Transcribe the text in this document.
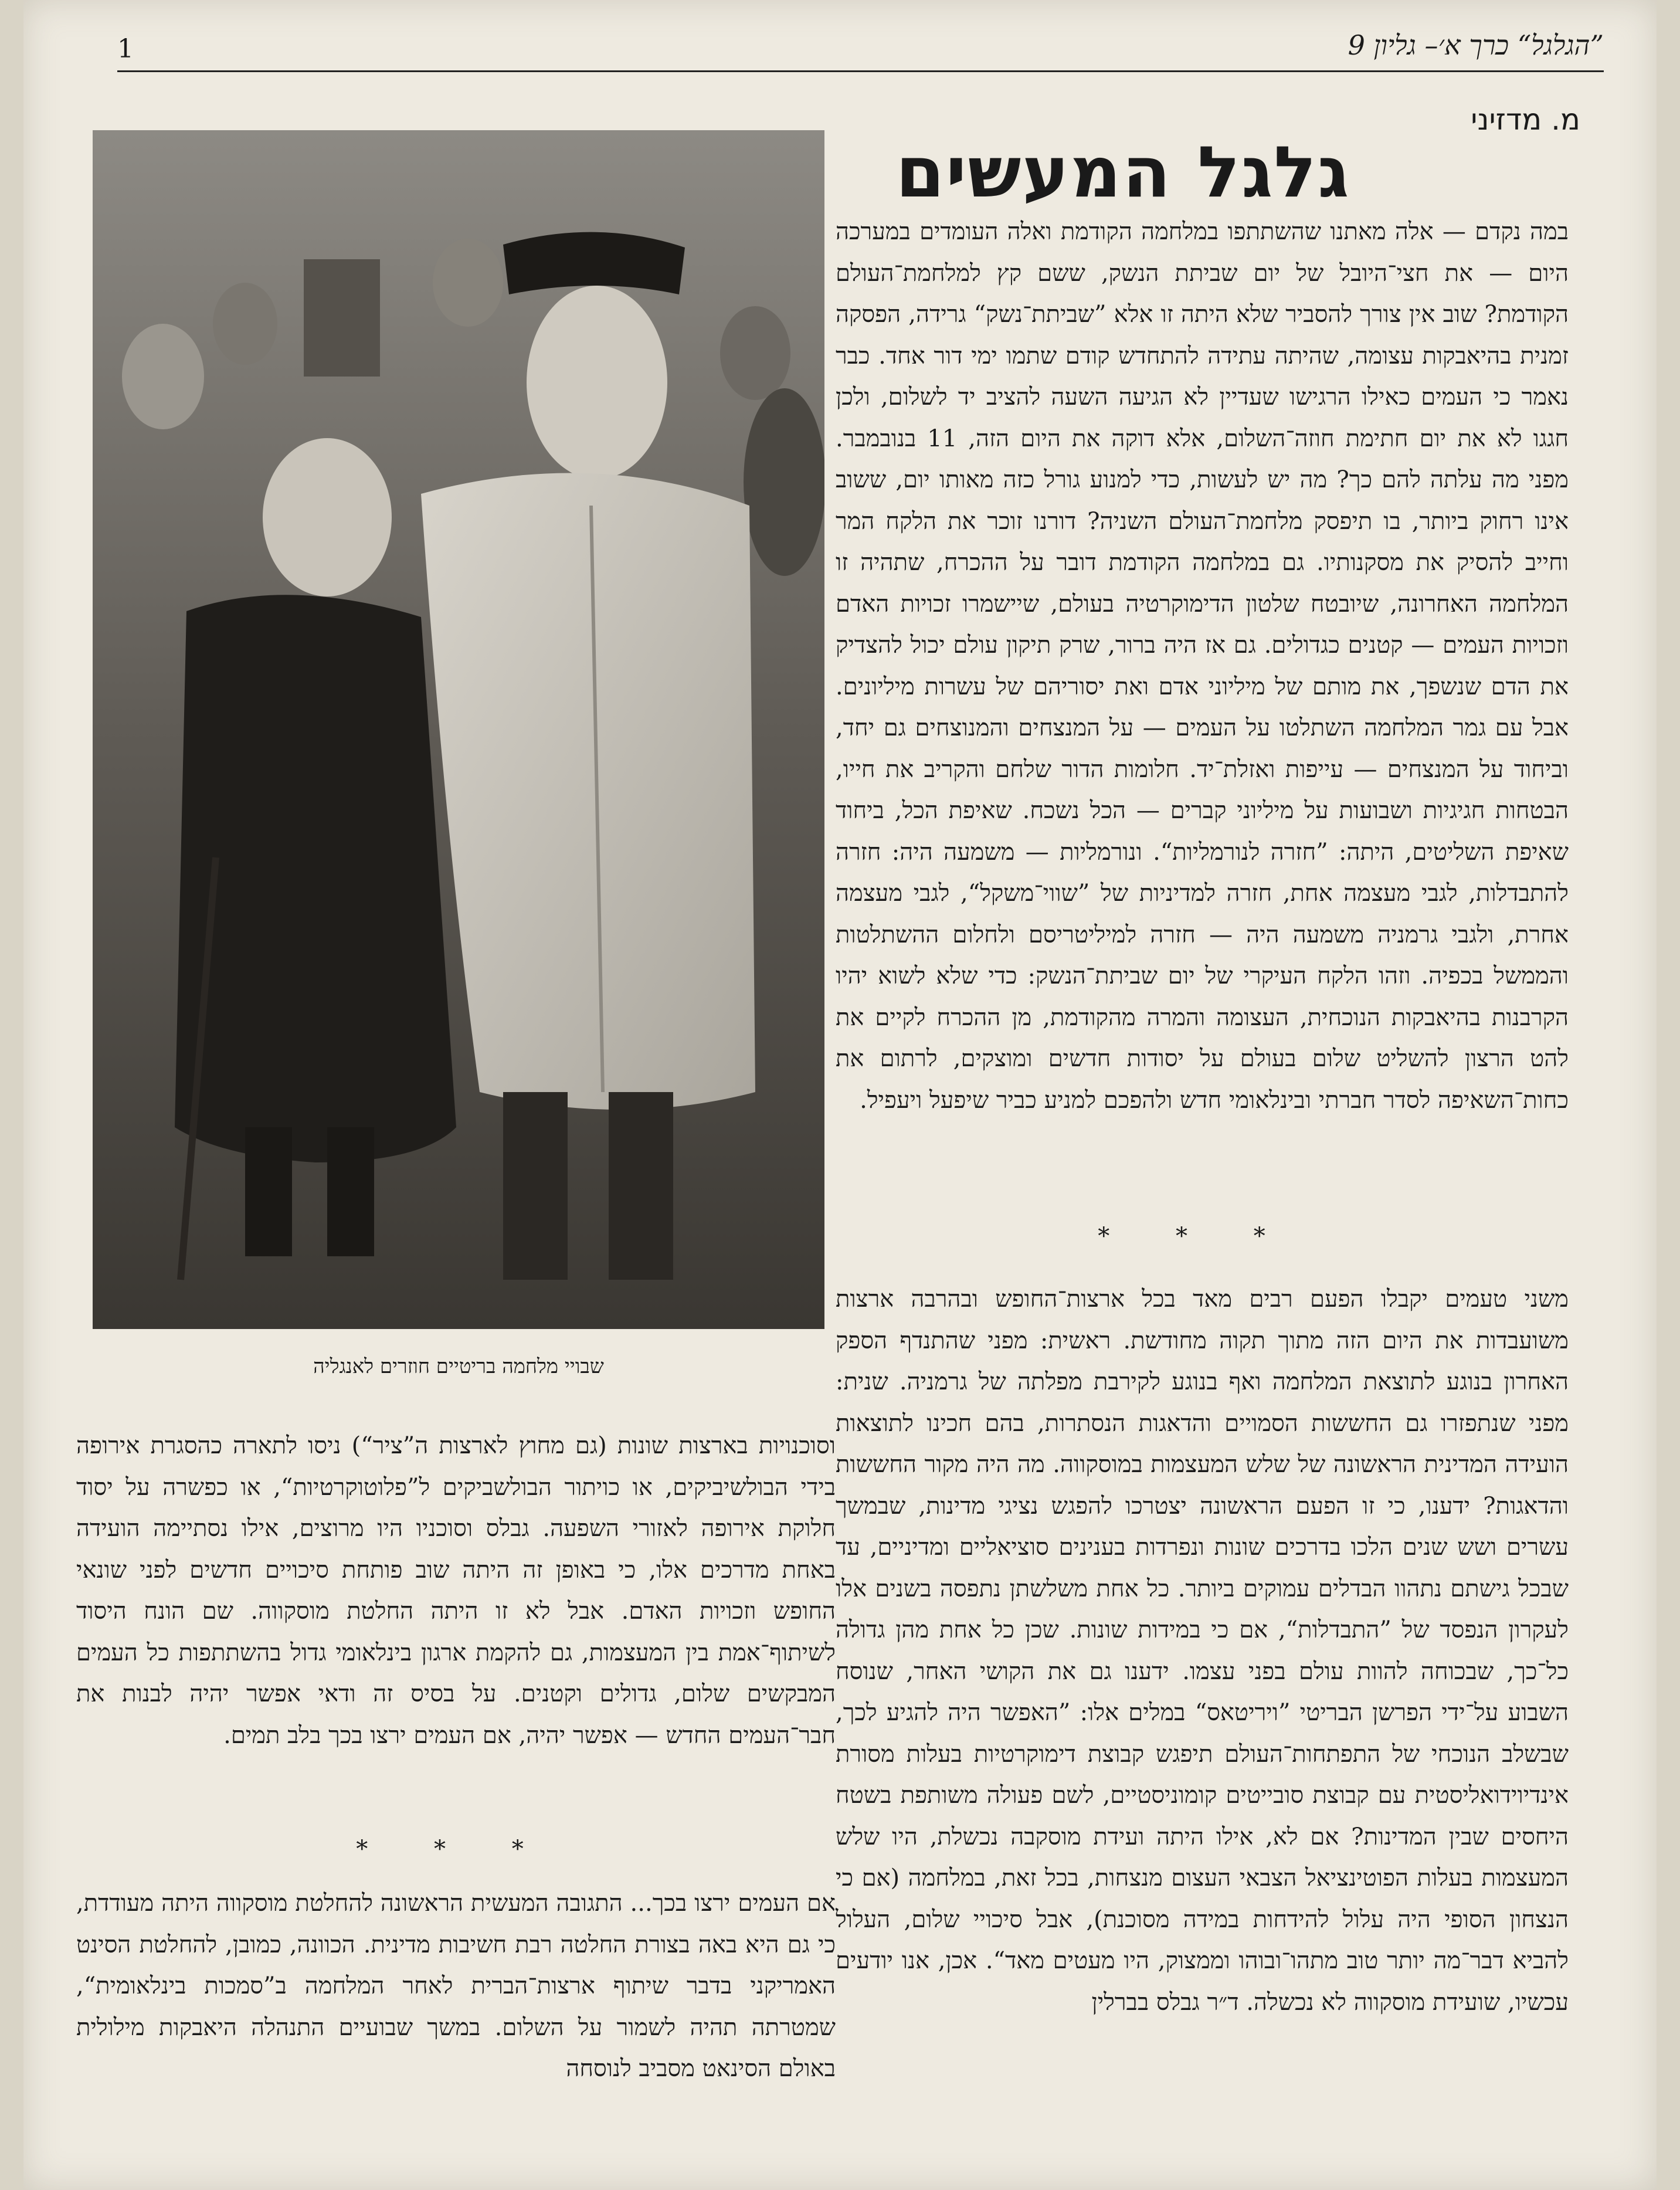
”הגלגל“ כרך א׳– גליון 9
1
מ. מדזיני
גלגל המעשים
שבויי מלחמה בריטיים חוזרים לאנגליה

במה נקדם — אלה מאתנו שהשתתפו במלחמה הקודמת ואלה העומדים במערכה היום — את חצי־היובל של יום שביתת הנשק, ששם קץ למלחמת־העולם הקודמת? שוב אין צורך להסביר שלא היתה זו אלא ”שביתת־נשק“ גרידה, הפסקה זמנית בהיאבקות עצומה, שהיתה עתידה להתחדש קודם שתמו ימי דור אחד. כבר נאמר כי העמים כאילו הרגישו שעדיין לא הגיעה השעה להציב יד לשלום, ולכן חגגו לא את יום חתימת חוזה־השלום, אלא דוקה את היום הזה, 11 בנובמבר. מפני מה עלתה להם כך? מה יש לעשות, כדי למנוע גורל כזה מאותו יום, ששוב אינו רחוק ביותר, בו תיפסק מלחמת־העולם השניה? דורנו זוכר את הלקח המר וחייב להסיק את מסקנותיו. גם במלחמה הקודמת דובר על ההכרח, שתהיה זו המלחמה האחרונה, שיובטח שלטון הדימוקרטיה בעולם, שיישמרו זכויות האדם וזכויות העמים — קטנים כגדולים. גם אז היה ברור, שרק תיקון עולם יכול להצדיק את הדם שנשפך, את מותם של מיליוני אדם ואת יסוריהם של עשרות מיליונים. אבל עם גמר המלחמה השתלטו על העמים — על המנצחים והמנוצחים גם יחד, וביחוד על המנצחים — עייפות ואזלת־יד. חלומות הדור שלחם והקריב את חייו, הבטחות חגיגיות ושבועות על מיליוני קברים — הכל נשכח. שאיפת הכל, ביחוד שאיפת השליטים, היתה: ”חזרה לנורמליות“. ונורמליות — משמעה היה: חזרה להתבדלות, לגבי מעצמה אחת, חזרה למדיניות של ”שווי־משקל“, לגבי מעצמה אחרת, ולגבי גרמניה משמעה היה — חזרה למיליטריסם ולחלום ההשתלטות והממשל בכפיה. וזהו הלקח העיקרי של יום שביתת־הנשק: כדי שלא לשוא יהיו הקרבנות בהיאבקות הנוכחית, העצומה והמרה מהקודמת, מן ההכרח לקיים את להט הרצון להשליט שלום בעולם על יסודות חדשים ומוצקים, לרתום את כחות־השאיפה לסדר חברתי ובינלאומי חדש ולהפכם למניע כביר שיפעל ויעפיל.

* * *

משני טעמים יקבלו הפעם רבים מאד בכל ארצות־החופש ובהרבה ארצות משועבדות את היום הזה מתוך תקוה מחודשת. ראשית: מפני שהתנדף הספק האחרון בנוגע לתוצאת המלחמה ואף בנוגע לקירבת מפלתה של גרמניה. שנית: מפני שנתפזרו גם החששות הסמויים והדאגות הנסתרות, בהם חכינו לתוצאות הועידה המדינית הראשונה של שלש המעצמות במוסקווה. מה היה מקור החששות והדאגות? ידענו, כי זו הפעם הראשונה יצטרכו להפגש נציגי מדינות, שבמשך עשרים ושש שנים הלכו בדרכים שונות ונפרדות בענינים סוציאליים ומדיניים, עד שבכל גישתם נתהוו הבדלים עמוקים ביותר. כל אחת משלשתן נתפסה בשנים אלו לעקרון הנפסד של ”התבדלות“, אם כי במידות שונות. שכן כל אחת מהן גדולה כל־כך, שבכוחה להוות עולם בפני עצמו. ידענו גם את הקושי האחר, שנוסח השבוע על־ידי הפרשן הבריטי ”ויריטאס“ במלים אלו: ”האפשר היה להגיע לכך, שבשלב הנוכחי של התפתחות־העולם תיפגש קבוצת דימוקרטיות בעלות מסורת אינדיוידואליסטית עם קבוצת סובייטים קומוניסטיים, לשם פעולה משותפת בשטח היחסים שבין המדינות? אם לא, אילו היתה ועידת מוסקבה נכשלת, היו שלש המעצמות בעלות הפוטינציאל הצבאי העצום מנצחות, בכל זאת, במלחמה (אם כי הנצחון הסופי היה עלול להידחות במידה מסוכנת), אבל סיכויי שלום, העלול להביא דבר־מה יותר טוב מתהו־ובוהו וממצוק, היו מעטים מאד“. אכן, אנו יודעים עכשיו, שועידת מוסקווה לא נכשלה. ד״ר גבלס בברלין

וסוכנויות בארצות שונות (גם מחוץ לארצות ה”ציר“) ניסו לתארה כהסגרת אירופה בידי הבולשיביקים, או כויתור הבולשביקים ל”פלוטוקרטיות“, או כפשרה על יסוד חלוקת אירופה לאזורי השפעה. גבלס וסוכניו היו מרוצים, אילו נסתיימה הועידה באחת מדרכים אלו, כי באופן זה היתה שוב פותחת סיכויים חדשים לפני שונאי החופש וזכויות האדם. אבל לא זו היתה החלטת מוסקווה. שם הונח היסוד לשיתוף־אמת בין המעצמות, גם להקמת ארגון בינלאומי גדול בהשתתפות כל העמים המבקשים שלום, גדולים וקטנים. על בסיס זה ודאי אפשר יהיה לבנות את חבר־העמים החדש — אפשר יהיה, אם העמים ירצו בכך בלב תמים.

* * *

אם העמים ירצו בכך... התגובה המעשית הראשונה להחלטת מוסקווה היתה מעודדת, כי גם היא באה בצורת החלטה רבת חשיבות מדינית. הכוונה, כמובן, להחלטת הסינט האמריקני בדבר שיתוף ארצות־הברית לאחר המלחמה ב”סמכות בינלאומית“, שמטרתה תהיה לשמור על השלום. במשך שבועיים התנהלה היאבקות מילולית באולם הסינאט מסביב לנוסחה
